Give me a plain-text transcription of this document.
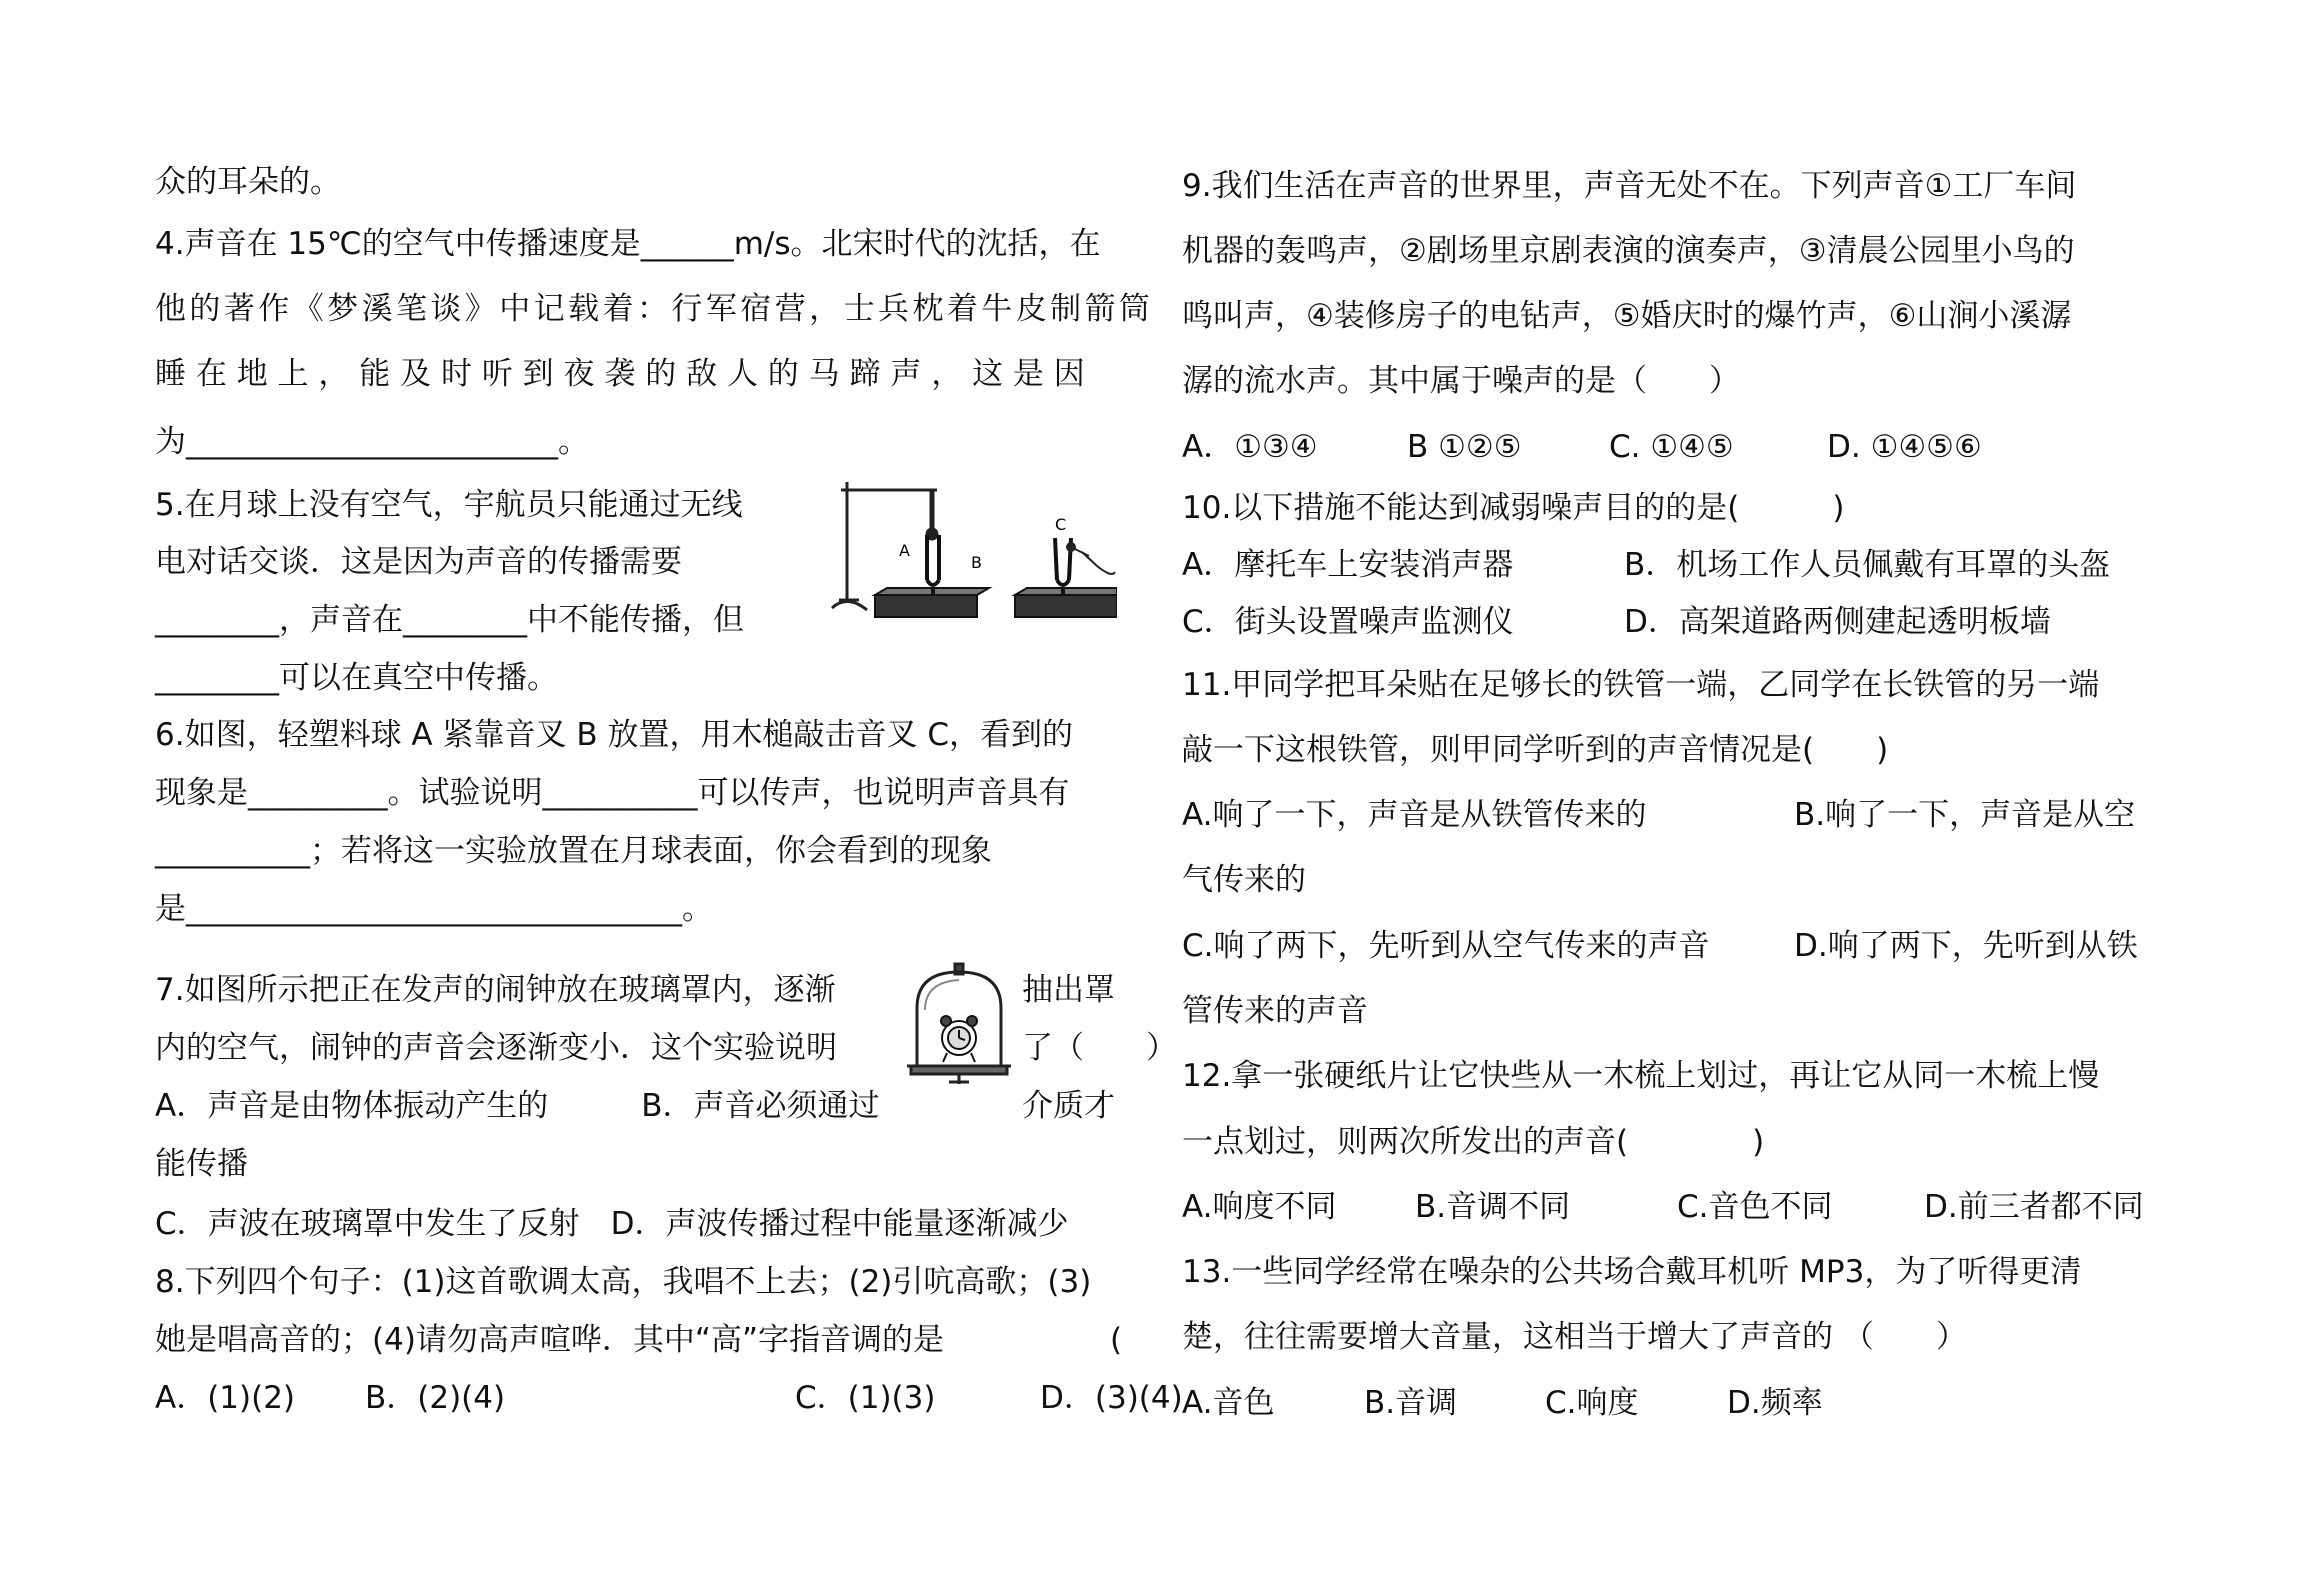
众的耳朵的。
4.声音在 15℃的空气中传播速度是______m/s。北宋时代的沈括，在
他的著作《梦溪笔谈》中记载着：行军宿营，士兵枕着牛皮制箭筒
睡 在 地 上 ， 能 及 时 听 到 夜 袭 的 敌 人 的 马 蹄 声 ， 这 是 因
为________________________。
5.在月球上没有空气，宇航员只能通过无线
电对话交谈．这是因为声音的传播需要
________，声音在________中不能传播，但
________可以在真空中传播。
A
B
C
6.如图，轻塑料球 A 紧靠音叉 B 放置，用木槌敲击音叉 C，看到的
现象是_________。试验说明__________可以传声，也说明声音具有
__________；若将这一实验放置在月球表面，你会看到的现象
是________________________________。
7.如图所示把正在发声的闹钟放在玻璃罩内，逐渐	抽出罩
内的空气，闹钟的声音会逐渐变小．这个实验说明	了（　　）
A．声音是由物体振动产生的　　　B．声音必须通过	介质才
能传播
C．声波在玻璃罩中发生了反射　D．声波传播过程中能量逐渐减少
8.下列四个句子：(1)这首歌调太高，我唱不上去；(2)引吭高歌；(3)
她是唱高音的；(4)请勿高声喧哗．其中“高”字指音调的是	(
A．(1)(2) B．(2)(4)	C．(1)(3)	D．(3)(4)
9.我们生活在声音的世界里，声音无处不在。下列声音①工厂车间
机器的轰鸣声，②剧场里京剧表演的演奏声，③清晨公园里小鸟的
鸣叫声，④装修房子的电钻声，⑤婚庆时的爆竹声，⑥山涧小溪潺
潺的流水声。其中属于噪声的是（　　）
A．①③④	B ①②⑤	C. ①④⑤	D. ①④⑤⑥
10.以下措施不能达到减弱噪声目的的是(　　　)
A．摩托车上安装消声器	B．机场工作人员佩戴有耳罩的头盔
C．街头设置噪声监测仪	D．高架道路两侧建起透明板墙
11.甲同学把耳朵贴在足够长的铁管一端，乙同学在长铁管的另一端
敲一下这根铁管，则甲同学听到的声音情况是(　　)
A.响了一下，声音是从铁管传来的	B.响了一下，声音是从空
气传来的
C.响了两下，先听到从空气传来的声音	D.响了两下，先听到从铁
管传来的声音
12.拿一张硬纸片让它快些从一木梳上划过，再让它从同一木梳上慢
一点划过，则两次所发出的声音(　　　　)
A.响度不同	B.音调不同	C.音色不同	D.前三者都不同
13.一些同学经常在噪杂的公共场合戴耳机听 MP3，为了听得更清
楚，往往需要增大音量，这相当于增大了声音的 （　　）
A.音色	B.音调	C.响度	D.频率
